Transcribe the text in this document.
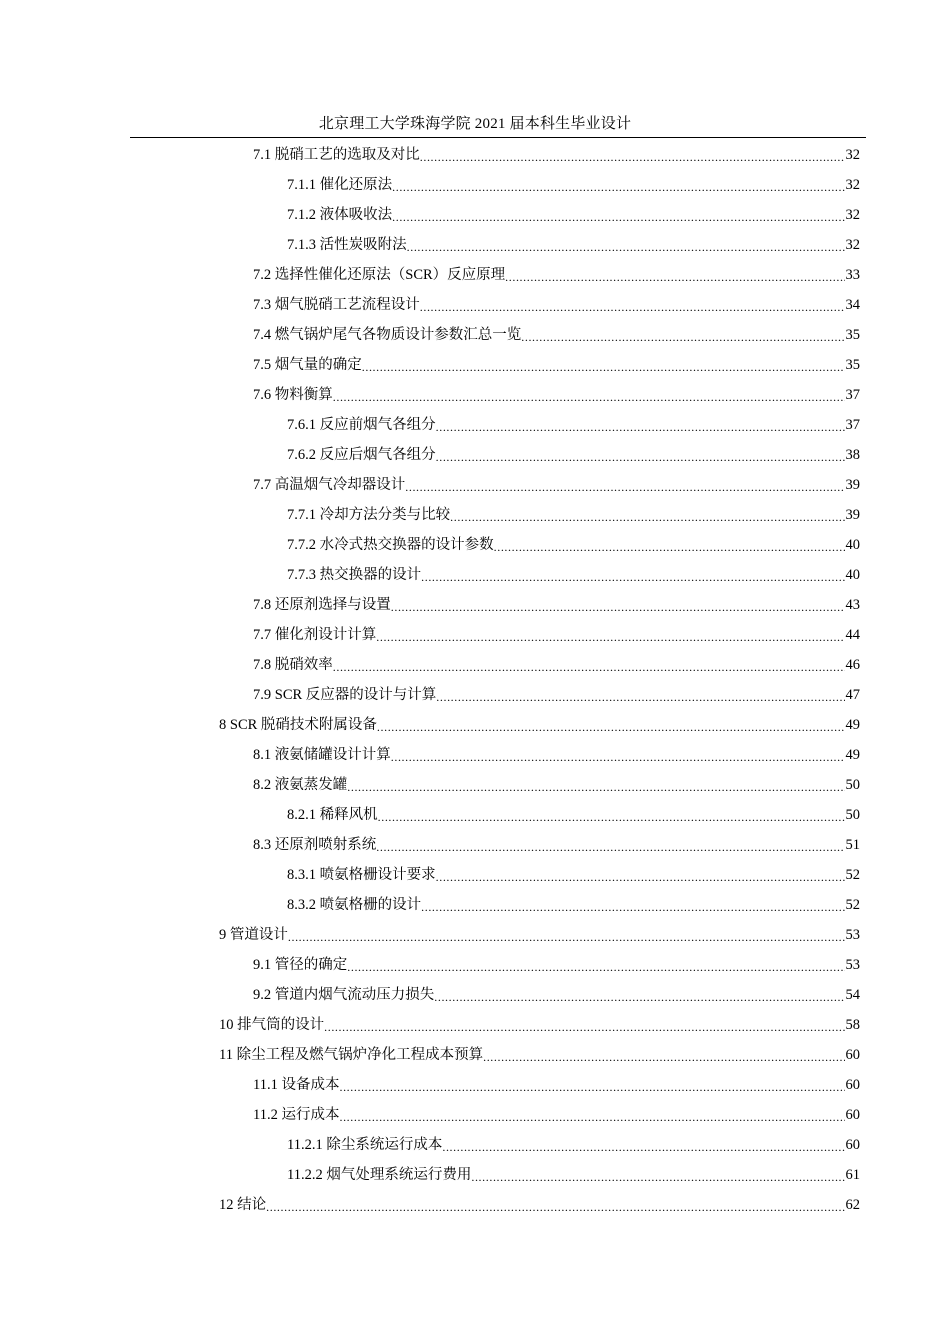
北京理工大学珠海学院 2021 届本科生毕业设计
7.1 脱硝工艺的选取及对比 .....	32
7.1.1 催化还原法 .....	32
7.1.2 液体吸收法 .....	32
7.1.3 活性炭吸附法 .....	32
7.2 选择性催化还原法（SCR）反应原理 .....	33
7.3 烟气脱硝工艺流程设计 .....	34
7.4 燃气锅炉尾气各物质设计参数汇总一览 .....	35
7.5 烟气量的确定 .....	35
7.6 物料衡算 .....	37
7.6.1 反应前烟气各组分 .....	37
7.6.2 反应后烟气各组分 .....	38
7.7 高温烟气冷却器设计 .....	39
7.7.1 冷却方法分类与比较 .....	39
7.7.2 水冷式热交换器的设计参数 .....	40
7.7.3 热交换器的设计 .....	40
7.8 还原剂选择与设置 .....	43
7.7 催化剂设计计算 .....	44
7.8 脱硝效率 .....	46
7.9 SCR 反应器的设计与计算 .....	47
8 SCR 脱硝技术附属设备 .....	49
8.1 液氨储罐设计计算 .....	49
8.2 液氨蒸发罐 .....	50
8.2.1 稀释风机 .....	50
8.3 还原剂喷射系统 .....	51
8.3.1 喷氨格栅设计要求 .....	52
8.3.2 喷氨格栅的设计 .....	52
9 管道设计 .....	53
9.1 管径的确定 .....	53
9.2 管道内烟气流动压力损失 .....	54
10 排气筒的设计 .....	58
11 除尘工程及燃气锅炉净化工程成本预算 .....	60
11.1 设备成本 .....	60
11.2 运行成本 .....	60
11.2.1 除尘系统运行成本 .....	60
11.2.2 烟气处理系统运行费用 .....	61
12 结论 .....	62
